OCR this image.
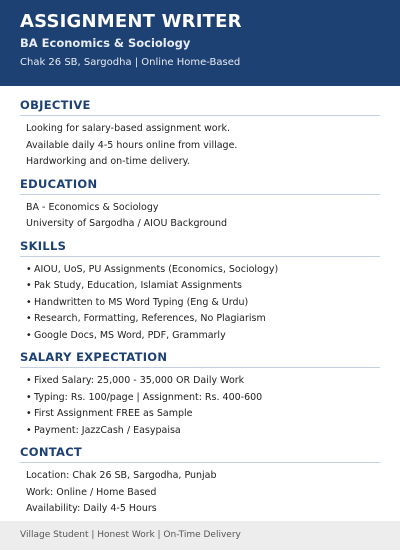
ASSIGNMENT WRITER
BA Economics & Sociology
Chak 26 SB, Sargodha | Online Home-Based
OBJECTIVE
Looking for salary-based assignment work.
Available daily 4-5 hours online from village.
Hardworking and on-time delivery.
EDUCATION
BA - Economics & Sociology
University of Sargodha / AIOU Background
SKILLS
• AIOU, UoS, PU Assignments (Economics, Sociology)
• Pak Study, Education, Islamiat Assignments
• Handwritten to MS Word Typing (Eng & Urdu)
• Research, Formatting, References, No Plagiarism
• Google Docs, MS Word, PDF, Grammarly
SALARY EXPECTATION
• Fixed Salary: 25,000 - 35,000 OR Daily Work
• Typing: Rs. 100/page | Assignment: Rs. 400-600
• First Assignment FREE as Sample
• Payment: JazzCash / Easypaisa
CONTACT
Location: Chak 26 SB, Sargodha, Punjab
Work: Online / Home Based
Availability: Daily 4-5 Hours
Village Student | Honest Work | On-Time Delivery
